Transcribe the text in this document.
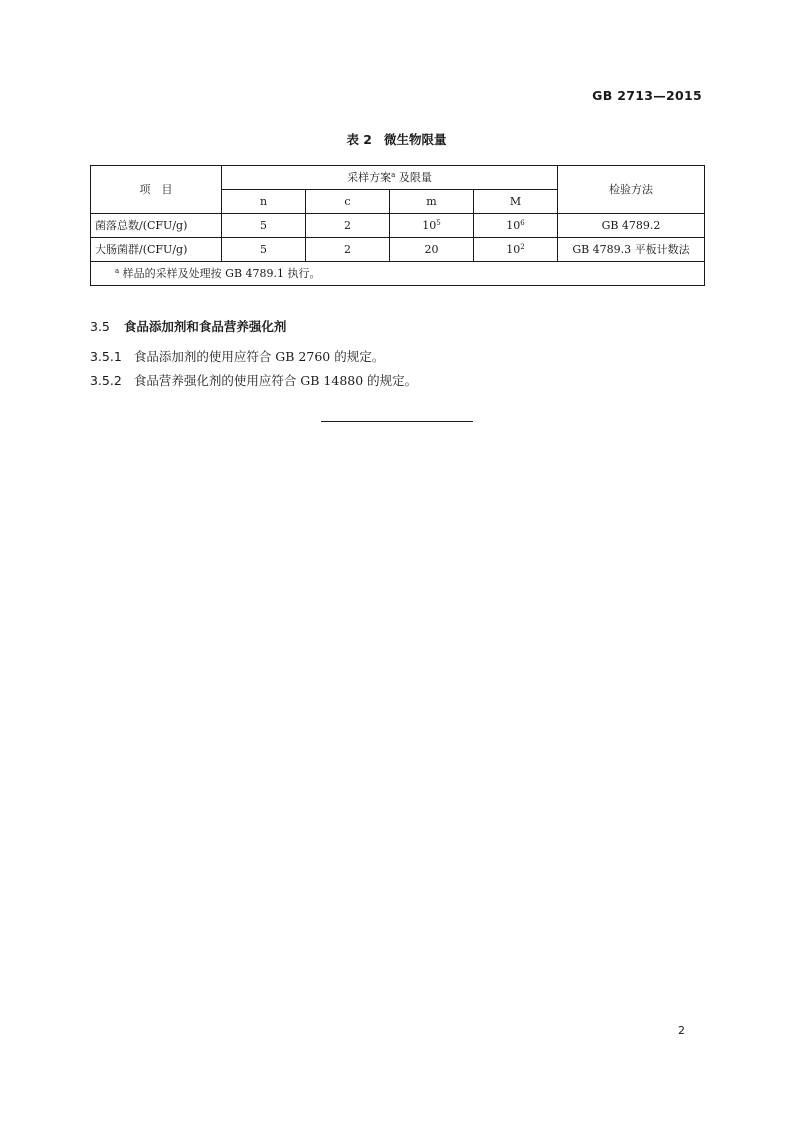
GB 2713—2015
表 2 微生物限量
项　目	采样方案$^a$ 及限量				检验方法
	n	c	m	M	
菌落总数/(CFU/g)	5	2	$10^5$	$10^6$	GB 4789.2
大肠菌群/(CFU/g)	5	2	20	$10^2$	GB 4789.3 平板计数法
$^a$ 样品的采样及处理按 GB 4789.1 执行。					
3.5 食品添加剂和食品营养强化剂
3.5.1 食品添加剂的使用应符合 GB 2760 的规定。
3.5.2 食品营养强化剂的使用应符合 GB 14880 的规定。
2
